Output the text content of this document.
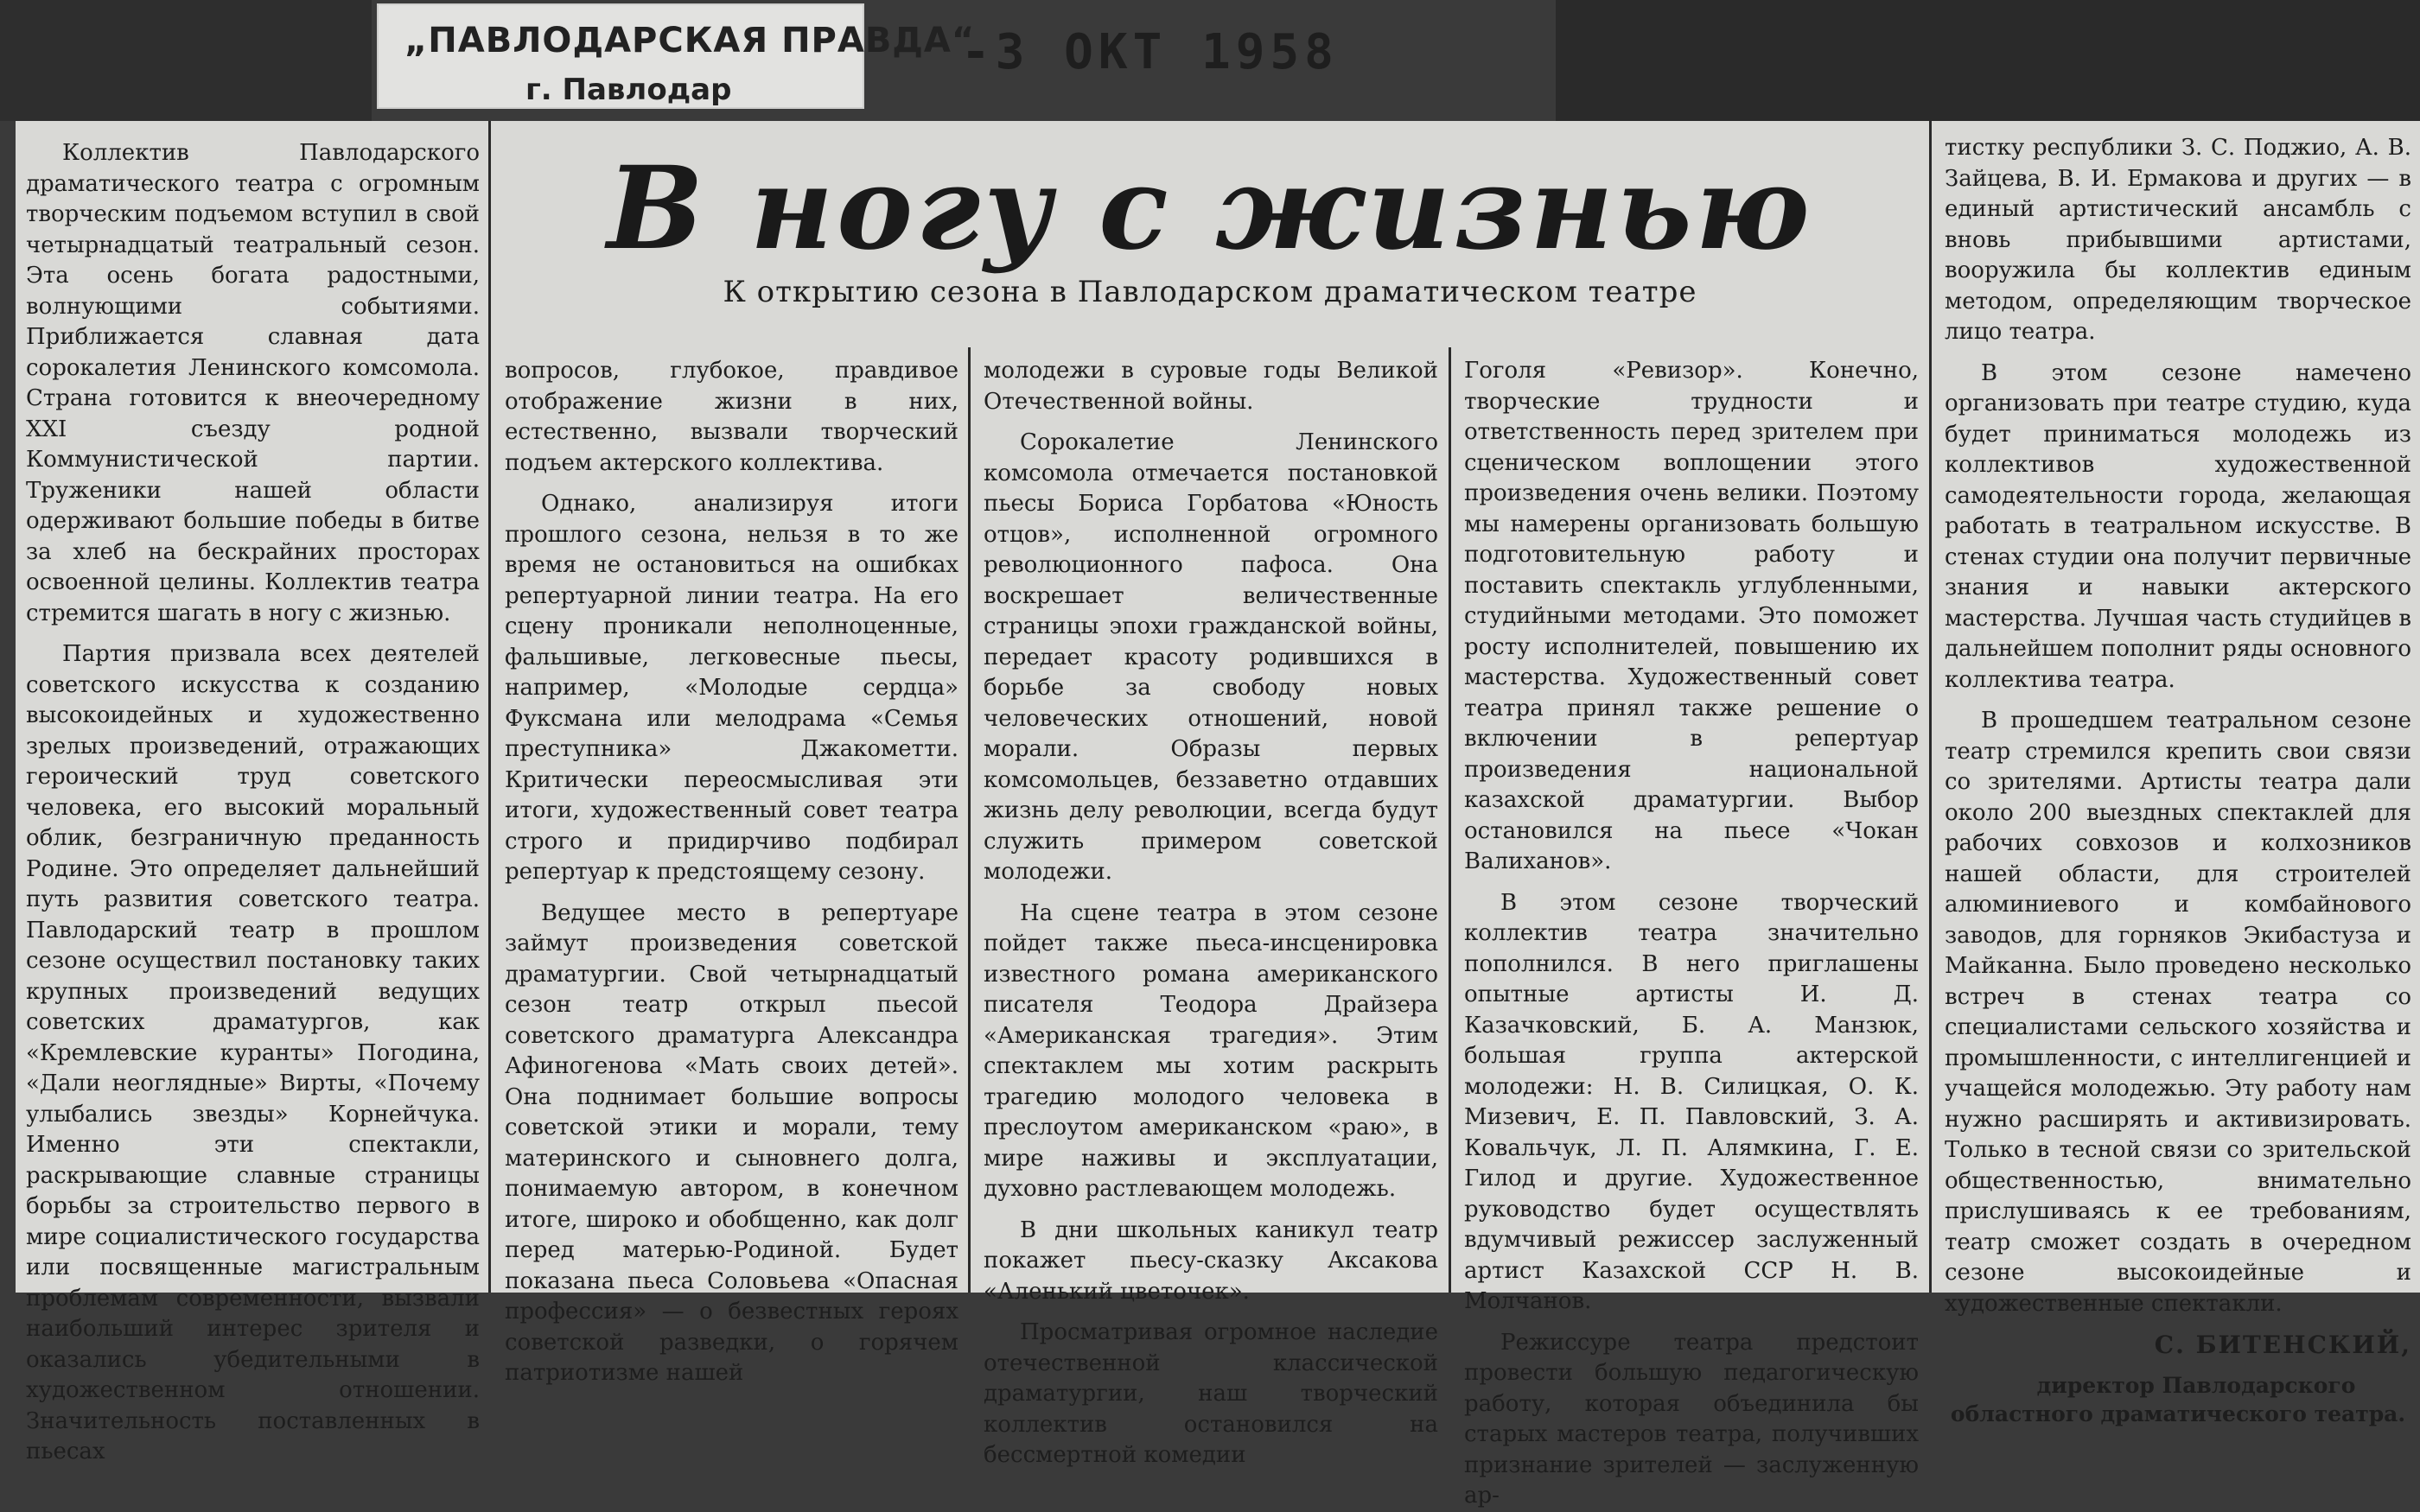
„ПАВЛОДАРСКАЯ ПРАВДА“
г. Павлодар
-3 ОКТ 1958
В ногу с жизнью
К открытию сезона в Павлодарском драматическом театре

Коллектив Павлодарского драматического театра с огромным творческим подъемом вступил в свой четырнадцатый театральный сезон. Эта осень богата радостными, волнующими событиями. Приближается славная дата сорокалетия Ленинского комсомола. Страна готовится к внеочередному XXI съезду родной Коммунистической партии. Труженики нашей области одерживают большие победы в битве за хлеб на бескрайних просторах освоенной целины. Коллектив театра стремится шагать в ногу с жизнью.

Партия призвала всех деятелей советского искусства к созданию высокоидейных и художественно зрелых произведений, отражающих героический труд советского человека, его высокий моральный облик, безграничную преданность Родине. Это определяет дальнейший путь развития советского театра. Павлодарский театр в прошлом сезоне осуществил постановку таких крупных произведений ведущих советских драматургов, как «Кремлевские куранты» Погодина, «Дали неоглядные» Вирты, «Почему улыбались звезды» Корнейчука. Именно эти спектакли, раскрывающие славные страницы борьбы за строительство первого в мире социалистического государства или посвященные магистральным проблемам современности, вызвали наибольший интерес зрителя и оказались убедительными в художественном отношении. Значительность поставленных в пьесах

вопросов, глубокое, правдивое отображение жизни в них, естественно, вызвали творческий подъем актерского коллектива.

Однако, анализируя итоги прошлого сезона, нельзя в то же время не остановиться на ошибках репертуарной линии театра. На его сцену проникали неполноценные, фальшивые, легковесные пьесы, например, «Молодые сердца» Фуксмана или мелодрама «Семья преступника» Джакометти. Критически переосмысливая эти итоги, художественный совет театра строго и придирчиво подбирал репертуар к предстоящему сезону.

Ведущее место в репертуаре займут произведения советской драматургии. Свой четырнадцатый сезон театр открыл пьесой советского драматурга Александра Афиногенова «Мать своих детей». Она поднимает большие вопросы советской этики и морали, тему материнского и сыновнего долга, понимаемую автором, в конечном итоге, широко и обобщенно, как долг перед матерью-Родиной. Будет показана пьеса Соловьева «Опасная профессия» — о безвестных героях советской разведки, о горячем патриотизме нашей

молодежи в суровые годы Великой Отечественной войны.

Сорокалетие Ленинского комсомола отмечается постановкой пьесы Бориса Горбатова «Юность отцов», исполненной огромного революционного пафоса. Она воскрешает величественные страницы эпохи гражданской войны, передает красоту родившихся в борьбе за свободу новых человеческих отношений, новой морали. Образы первых комсомольцев, беззаветно отдавших жизнь делу революции, всегда будут служить примером советской молодежи.

На сцене театра в этом сезоне пойдет также пьеса-инсценировка известного романа американского писателя Теодора Драйзера «Американская трагедия». Этим спектаклем мы хотим раскрыть трагедию молодого человека в преслоутом американском «раю», в мире наживы и эксплуатации, духовно растлевающем молодежь.

В дни школьных каникул театр покажет пьесу-сказку Аксакова «Аленький цветочек».

Просматривая огромное наследие отечественной классической драматургии, наш творческий коллектив остановился на бессмертной комедии

Гоголя «Ревизор». Конечно, творческие трудности и ответственность перед зрителем при сценическом воплощении этого произведения очень велики. Поэтому мы намерены организовать большую подготовительную работу и поставить спектакль углубленными, студийными методами. Это поможет росту исполнителей, повышению их мастерства. Художественный совет театра принял также решение о включении в репертуар произведения национальной казахской драматургии. Выбор остановился на пьесе «Чокан Валиханов».

В этом сезоне творческий коллектив театра значительно пополнился. В него приглашены опытные артисты И. Д. Казачковский, Б. А. Манзюк, большая группа актерской молодежи: Н. В. Силицкая, О. К. Мизевич, Е. П. Павловский, З. А. Ковальчук, Л. П. Алямкина, Г. Е. Гилод и другие. Художественное руководство будет осуществлять вдумчивый режиссер заслуженный артист Казахской ССР Н. В. Молчанов.

Режиссуре театра предстоит провести большую педагогическую работу, которая объединила бы старых мастеров театра, получивших признание зрителей — заслуженную ар-

тистку республики З. С. Поджио, А. В. Зайцева, В. И. Ермакова и других — в единый артистический ансамбль с вновь прибывшими артистами, вооружила бы коллектив единым методом, определяющим творческое лицо театра.

В этом сезоне намечено организовать при театре студию, куда будет приниматься молодежь из коллективов художественной самодеятельности города, желающая работать в театральном искусстве. В стенах студии она получит первичные знания и навыки актерского мастерства. Лучшая часть студийцев в дальнейшем пополнит ряды основного коллектива театра.

В прошедшем театральном сезоне театр стремился крепить свои связи со зрителями. Артисты театра дали около 200 выездных спектаклей для рабочих совхозов и колхозников нашей области, для строителей алюминиевого и комбайнового заводов, для горняков Экибастуза и Майканна. Было проведено несколько встреч в стенах театра со специалистами сельского хозяйства и промышленности, с интеллигенцией и учащейся молодежью. Эту работу нам нужно расширять и активизировать. Только в тесной связи со зрительской общественностью, внимательно прислушиваясь к ее требованиям, театр сможет создать в очередном сезоне высокоидейные и художественные спектакли.

С. БИТЕНСКИЙ,

директор Павлодарского областного драматического театра.
